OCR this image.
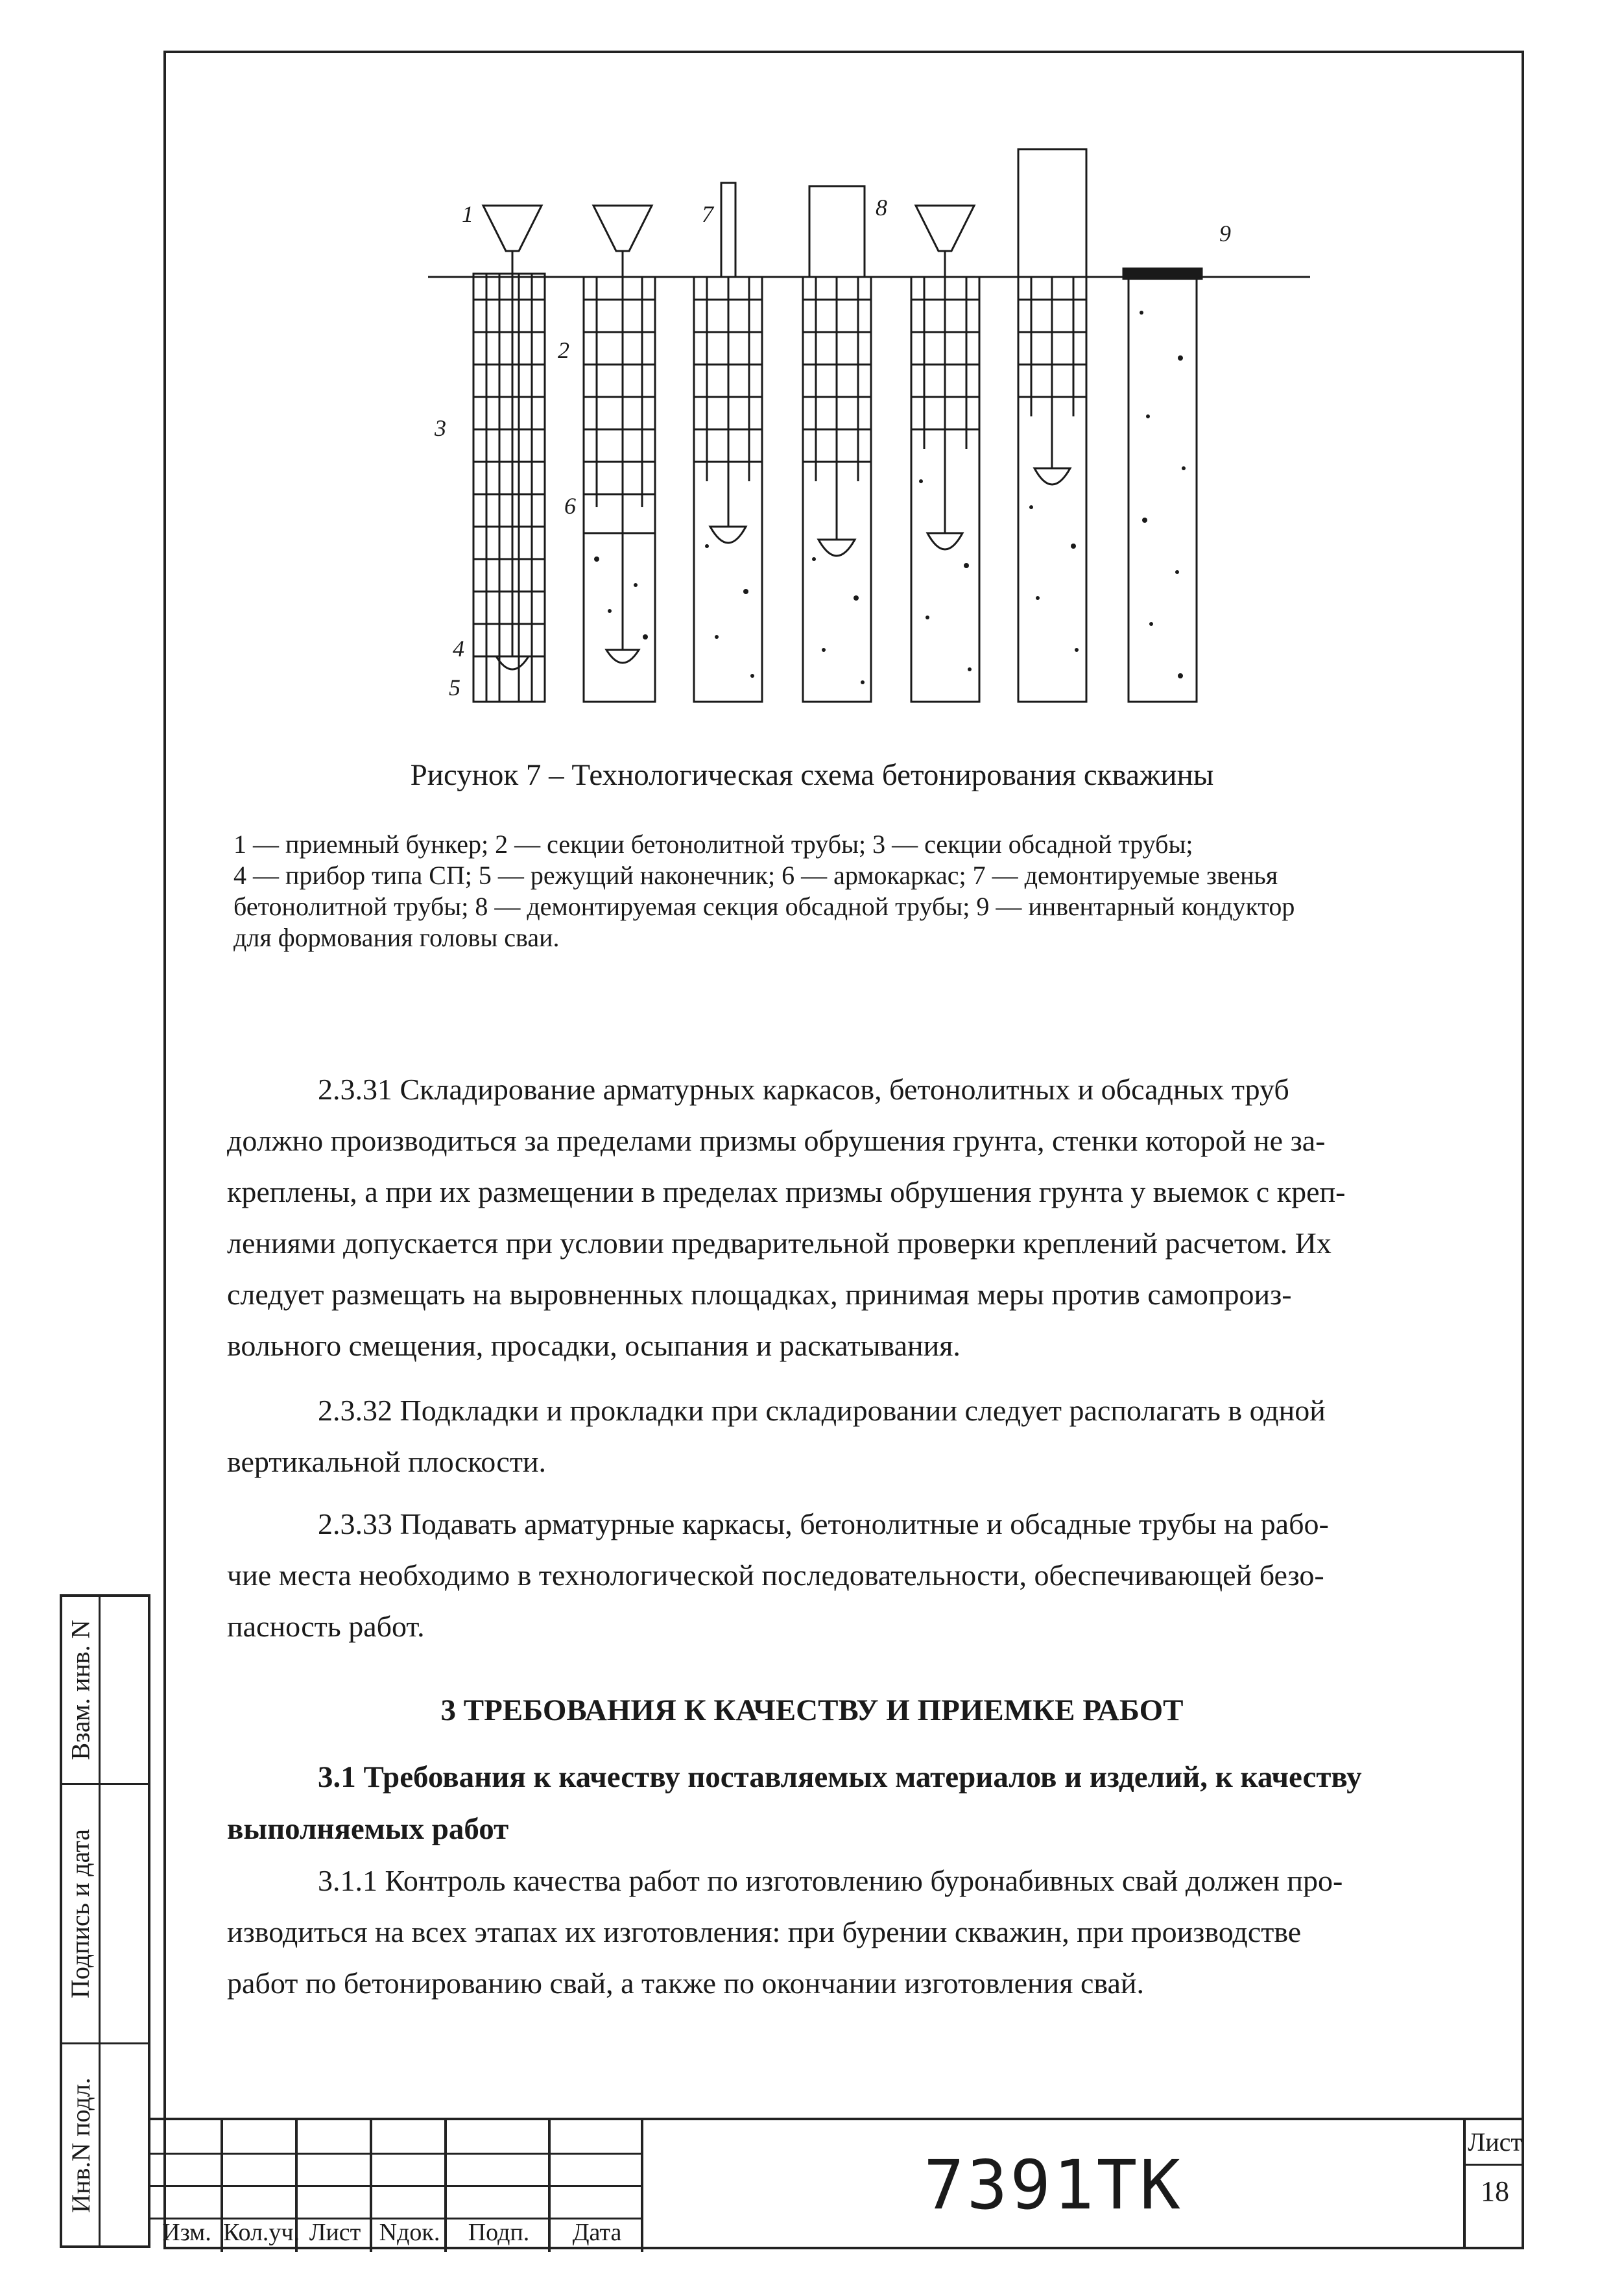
1
2
3
4
5
6
7	8
9
Рисунок 7 – Технологическая схема бетонирования скважины
1 — приемный бункер; 2 — секции бетонолитной трубы; 3 — секции обсадной трубы;
4 — прибор типа СП; 5 — режущий наконечник; 6 — армокаркас; 7 — демонтируемые звенья
бетонолитной трубы; 8 — демонтируемая секция обсадной трубы; 9 — инвентарный кондуктор
для формования головы сваи.
2.3.31 Складирование арматурных каркасов, бетонолитных и обсадных труб
должно производиться за пределами призмы обрушения грунта, стенки которой не за-
креплены, а при их размещении в пределах призмы обрушения грунта у выемок с креп-
лениями допускается при условии предварительной проверки креплений расчетом. Их
следует размещать на выровненных площадках, принимая меры против самопроиз-
вольного смещения, просадки, осыпания и раскатывания.
2.3.32 Подкладки и прокладки при складировании следует располагать в одной
вертикальной плоскости.
2.3.33 Подавать арматурные каркасы, бетонолитные и обсадные трубы на рабо-
чие места необходимо в технологической последовательности, обеспечивающей безо-
пасность работ.
3 ТРЕБОВАНИЯ К КАЧЕСТВУ И ПРИЕМКЕ РАБОТ
3.1 Требования к качеству поставляемых материалов и изделий, к качеству
выполняемых работ
3.1.1 Контроль качества работ по изготовлению буронабивных свай должен про-
изводиться на всех этапах их изготовления: при бурении скважин, при производстве
работ по бетонированию свай, а также по окончании изготовления свай.
Взам. инв. N
Подпись и дата
Инв.N подл.
Изм. Кол.уч. Лист Nдок.	Подп.	Дата
7391ТК
Лист
18
